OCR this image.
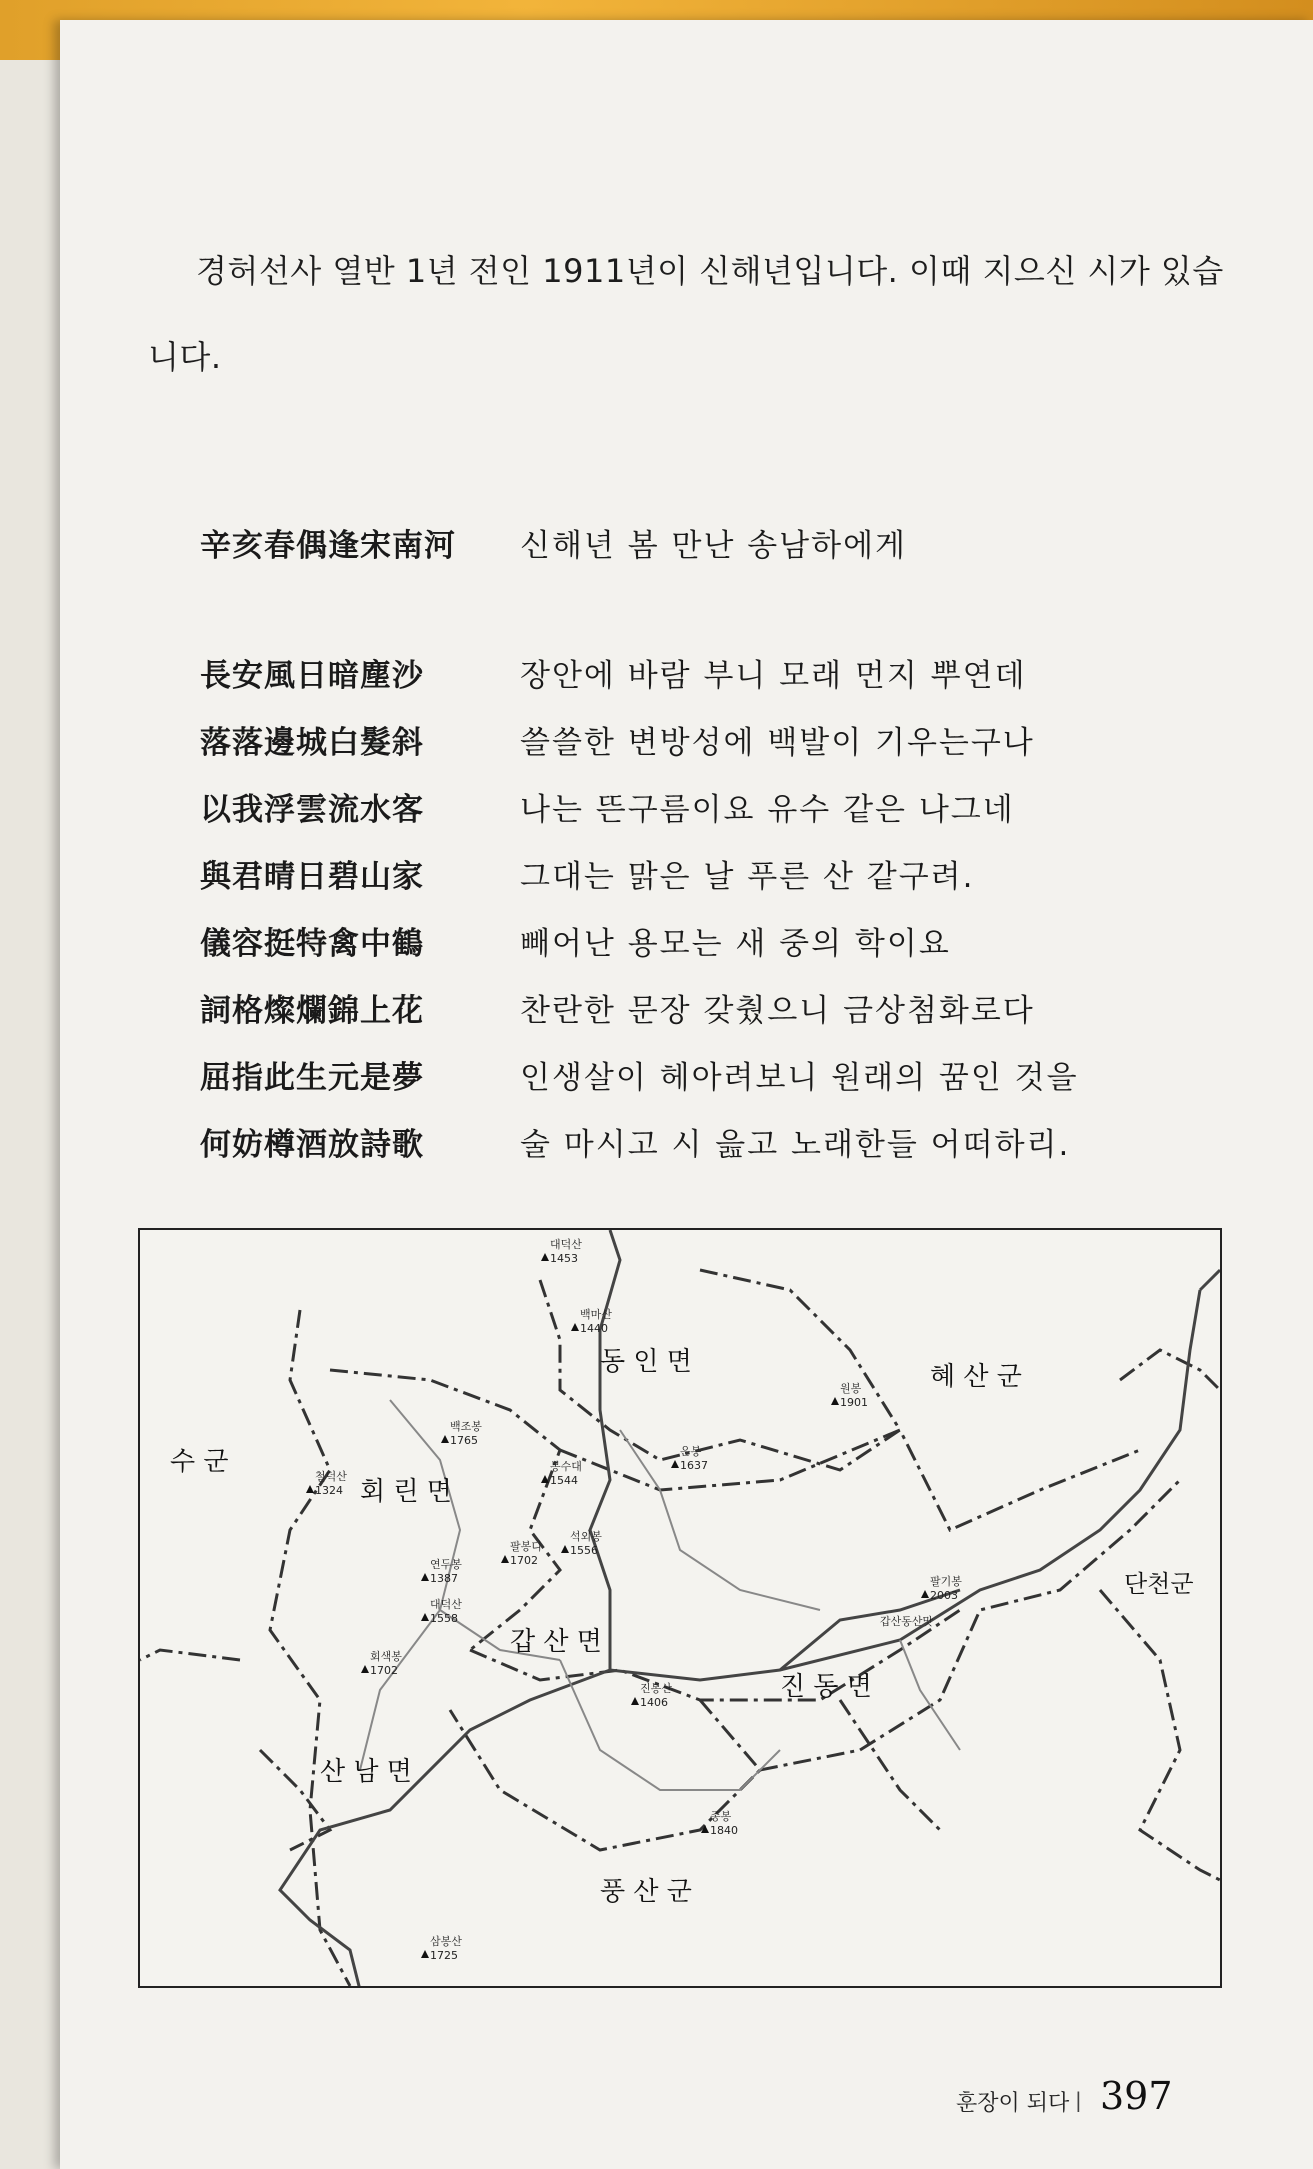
경허선사 열반 1년 전인 1911년이 신해년입니다. 이때 지으신 시가 있습니다.

辛亥春偶逢宋南河	신해년 봄 만난 송남하에게
長安風日暗塵沙	장안에 바람 부니 모래 먼지 뿌연데
落落邊城白髮斜	쓸쓸한 변방성에 백발이 기우는구나
以我浮雲流水客	나는 뜬구름이요 유수 같은 나그네
與君晴日碧山家	그대는 맑은 날 푸른 산 같구려.
儀容挺特禽中鶴	빼어난 용모는 새 중의 학이요
詞格燦爛錦上花	찬란한 문장 갖췄으니 금상첨화로다
屈指此生元是夢	인생살이 헤아려보니 원래의 꿈인 것을
何妨樽酒放詩歌	술 마시고 시 읊고 노래한들 어떠하리.
동 인 면	혜 산 군
회 린 면
갑 산 면
진 동 면
산 남 면
풍 산 군
수 군
단천군
대덕산
1453
백마산
1440
원봉
1901
백조봉
1765
운봉
1637
봉수대
1544
철덕산
1324
팔봉디
1702
석외봉
1556
연두봉
1387
대덕산
1558
팔기봉
2003
회색봉
1702
진봉산
1406
종봉
1840
삼봉산
1725
갑산동산맛
훈장이 되다 | 397
